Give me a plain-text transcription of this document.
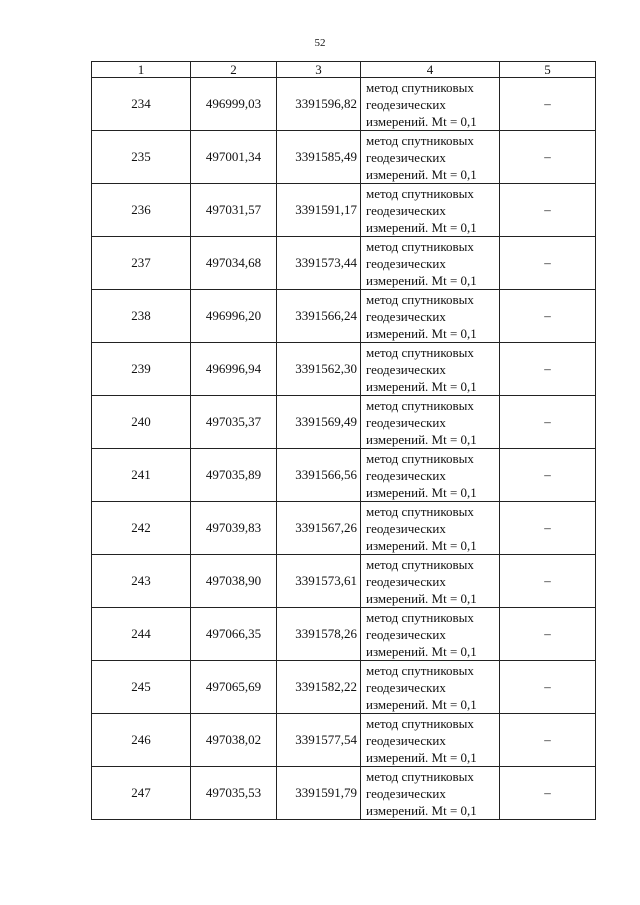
52
1	2	3	4	5
234	496999,03	3391596,82	метод спутниковых
геодезических
измерений. Mt = 0,1	–
235	497001,34	3391585,49	метод спутниковых
геодезических
измерений. Mt = 0,1	–
236	497031,57	3391591,17	метод спутниковых
геодезических
измерений. Mt = 0,1	–
237	497034,68	3391573,44	метод спутниковых
геодезических
измерений. Mt = 0,1	–
238	496996,20	3391566,24	метод спутниковых
геодезических
измерений. Mt = 0,1	–
239	496996,94	3391562,30	метод спутниковых
геодезических
измерений. Mt = 0,1	–
240	497035,37	3391569,49	метод спутниковых
геодезических
измерений. Mt = 0,1	–
241	497035,89	3391566,56	метод спутниковых
геодезических
измерений. Mt = 0,1	–
242	497039,83	3391567,26	метод спутниковых
геодезических
измерений. Mt = 0,1	–
243	497038,90	3391573,61	метод спутниковых
геодезических
измерений. Mt = 0,1	–
244	497066,35	3391578,26	метод спутниковых
геодезических
измерений. Mt = 0,1	–
245	497065,69	3391582,22	метод спутниковых
геодезических
измерений. Mt = 0,1	–
246	497038,02	3391577,54	метод спутниковых
геодезических
измерений. Mt = 0,1	–
247	497035,53	3391591,79	метод спутниковых
геодезических
измерений. Mt = 0,1	–
